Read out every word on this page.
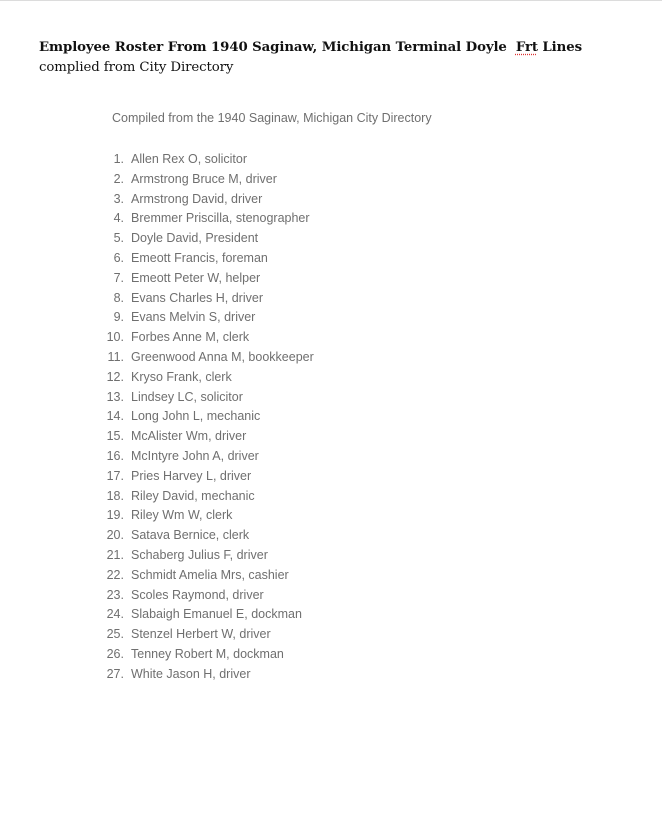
Employee Roster From 1940 Saginaw, Michigan Terminal Doyle Frt Lines

complied from City Directory

Compiled from the 1940 Saginaw, Michigan City Directory

1. Allen Rex O, solicitor
2. Armstrong Bruce M, driver
3. Armstrong David, driver
4. Bremmer Priscilla, stenographer
5. Doyle David, President
6. Emeott Francis, foreman
7. Emeott Peter W, helper
8. Evans Charles H, driver
9. Evans Melvin S, driver
10. Forbes Anne M, clerk
11. Greenwood Anna M, bookkeeper
12. Kryso Frank, clerk
13. Lindsey LC, solicitor
14. Long John L, mechanic
15. McAlister Wm, driver
16. McIntyre John A, driver
17. Pries Harvey L, driver
18. Riley David, mechanic
19. Riley Wm W, clerk
20. Satava Bernice, clerk
21. Schaberg Julius F, driver
22. Schmidt Amelia Mrs, cashier
23. Scoles Raymond, driver
24. Slabaigh Emanuel E, dockman
25.Stenzel Herbert W, driver
26. Tenney Robert M, dockman
27. White Jason H, driver
